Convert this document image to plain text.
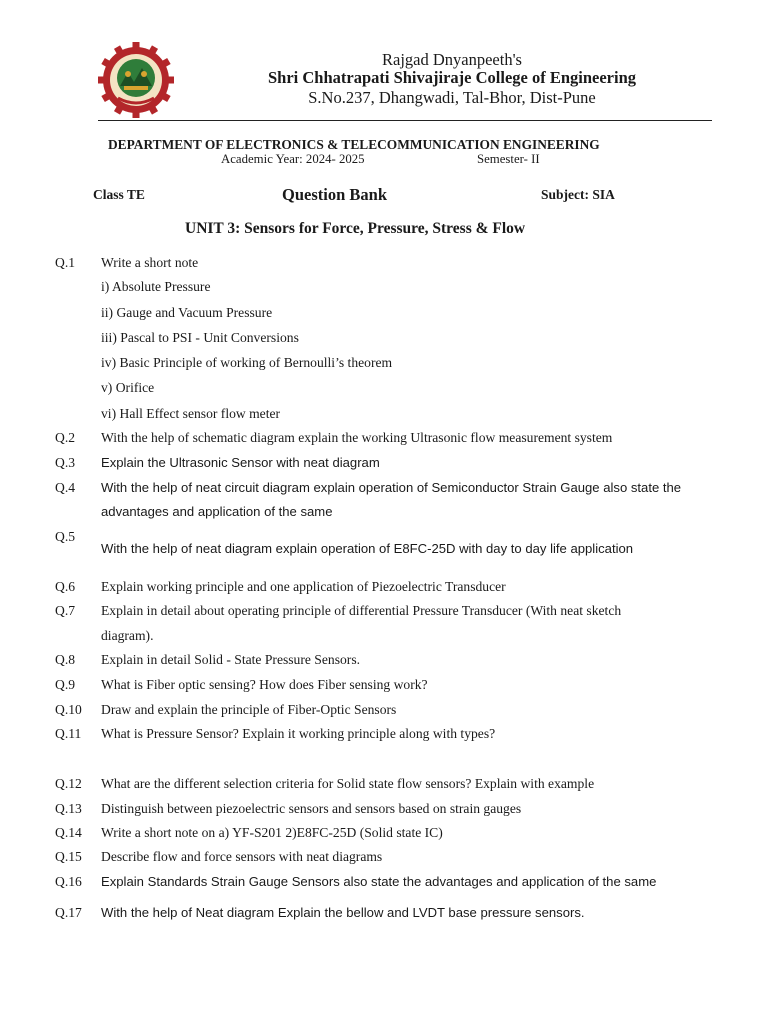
Rajgad Dnyanpeeth's
Shri Chhatrapati Shivajiraje College of Engineering
S.No.237, Dhangwadi, Tal-Bhor, Dist-Pune
DEPARTMENT OF ELECTRONICS & TELECOMMUNICATION ENGINEERING
Academic Year: 2024- 2025	Semester- II
Class TE	Question Bank	Subject: SIA
UNIT 3: Sensors for Force, Pressure, Stress & Flow
Q.1 Write a short note
i) Absolute Pressure
ii) Gauge and Vacuum Pressure
iii) Pascal to PSI - Unit Conversions
iv) Basic Principle of working of Bernoulli’s theorem
v) Orifice
vi) Hall Effect sensor flow meter
Q.2 With the help of schematic diagram explain the working Ultrasonic flow measurement system
Q.3 Explain the Ultrasonic Sensor with neat diagram
Q.4 With the help of neat circuit diagram explain operation of Semiconductor Strain Gauge also state the
advantages and application of the same
Q.5
With the help of neat diagram explain operation of E8FC-25D with day to day life application
Q.6 Explain working principle and one application of Piezoelectric Transducer
Q.7 Explain in detail about operating principle of differential Pressure Transducer (With neat sketch
diagram).
Q.8 Explain in detail Solid - State Pressure Sensors.
Q.9 What is Fiber optic sensing? How does Fiber sensing work?
Q.10 Draw and explain the principle of Fiber-Optic Sensors
Q.11 What is Pressure Sensor? Explain it working principle along with types?
Q.12 What are the different selection criteria for Solid state flow sensors? Explain with example
Q.13 Distinguish between piezoelectric sensors and sensors based on strain gauges
Q.14 Write a short note on a) YF-S201 2)E8FC-25D (Solid state IC)
Q.15 Describe flow and force sensors with neat diagrams
Q.16 Explain Standards Strain Gauge Sensors also state the advantages and application of the same
Q.17 With the help of Neat diagram Explain the bellow and LVDT base pressure sensors.
